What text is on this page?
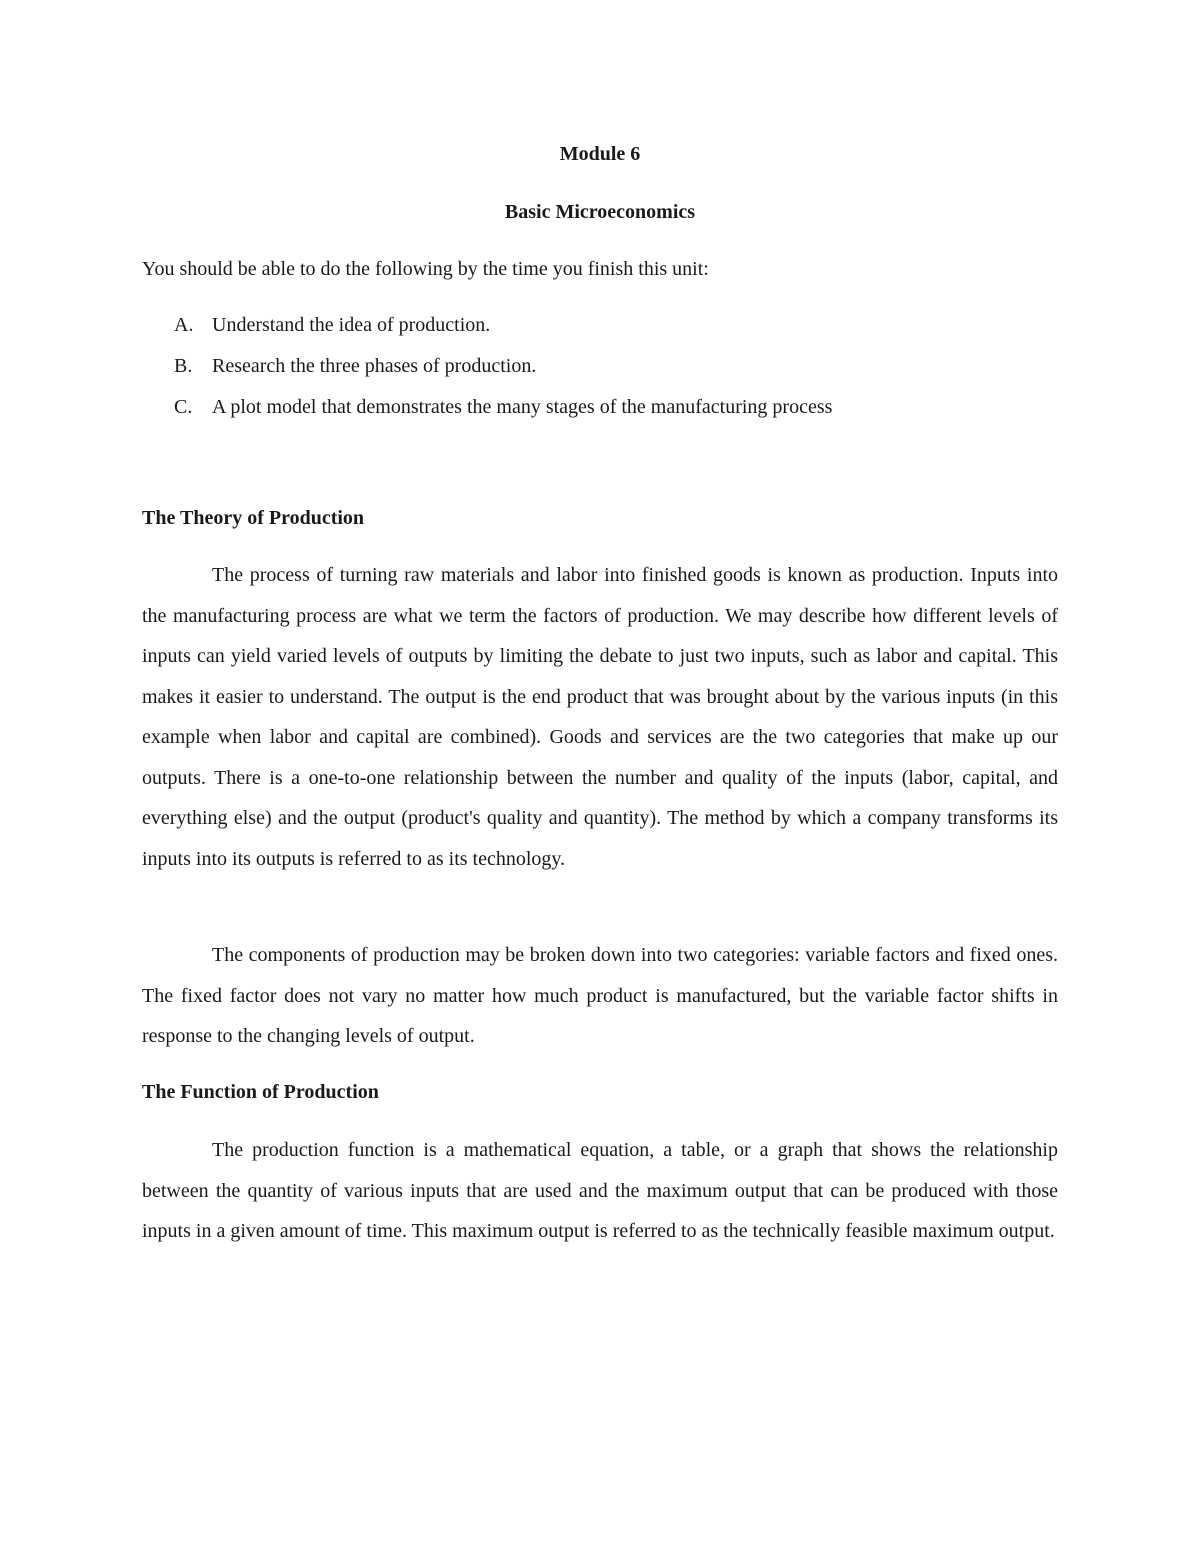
Module 6
Basic Microeconomics

You should be able to do the following by the time you finish this unit:

A. Understand the idea of production.
B. Research the three phases of production.
C. A plot model that demonstrates the many stages of the manufacturing process
The Theory of Production

The process of turning raw materials and labor into finished goods is known as production. Inputs into the manufacturing process are what we term the factors of production. We may describe how different levels of inputs can yield varied levels of outputs by limiting the debate to just two inputs, such as labor and capital. This makes it easier to understand. The output is the end product that was brought about by the various inputs (in this example when labor and capital are combined). Goods and services are the two categories that make up our outputs. There is a one-to-one relationship between the number and quality of the inputs (labor, capital, and everything else) and the output (product's quality and quantity). The method by which a company transforms its inputs into its outputs is referred to as its technology.

The components of production may be broken down into two categories: variable factors and fixed ones. The fixed factor does not vary no matter how much product is manufactured, but the variable factor shifts in response to the changing levels of output.

The Function of Production

The production function is a mathematical equation, a table, or a graph that shows the relationship between the quantity of various inputs that are used and the maximum output that can be produced with those inputs in a given amount of time. This maximum output is referred to as the technically feasible maximum output.
